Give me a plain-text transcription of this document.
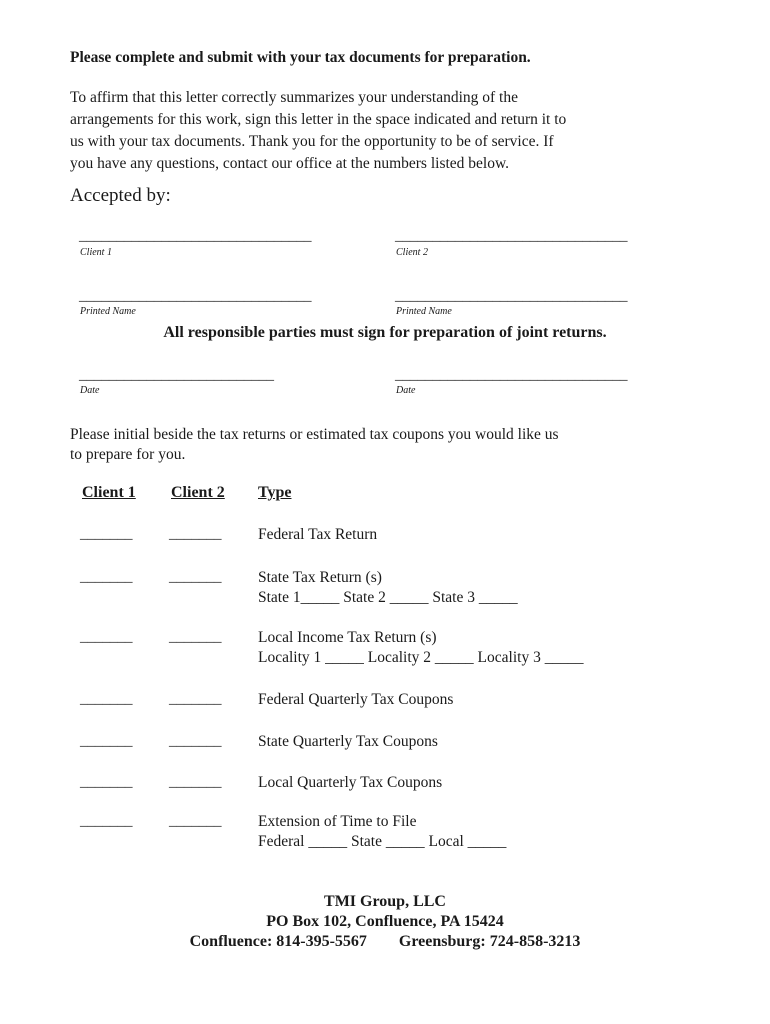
Please complete and submit with your tax documents for preparation.
To affirm that this letter correctly summarizes your understanding of the
arrangements for this work, sign this letter in the space indicated and return it to
us with your tax documents. Thank you for the opportunity to be of service. If
you have any questions, contact our office at the numbers listed below.
Accepted by:
_______________________________
Client 1
_______________________________
Client 2
_______________________________
Printed Name
_______________________________
Printed Name
All responsible parties must sign for preparation of joint returns.
__________________________
Date
_______________________________
Date
Please initial beside the tax returns or estimated tax coupons you would like us
to prepare for you.
Client 1 Client 2 Type
_______ _______ Federal Tax Return
_______ _______ State Tax Return (s)
State 1_____ State 2 _____ State 3 _____
_______ _______ Local Income Tax Return (s)
Locality 1 _____ Locality 2 _____ Locality 3 _____
_______ _______ Federal Quarterly Tax Coupons
_______ _______ State Quarterly Tax Coupons
_______ _______ Local Quarterly Tax Coupons
_______ _______ Extension of Time to File
Federal _____ State _____ Local _____
TMI Group, LLC
PO Box 102, Confluence, PA 15424
Confluence: 814-395-5567        Greensburg: 724-858-3213
